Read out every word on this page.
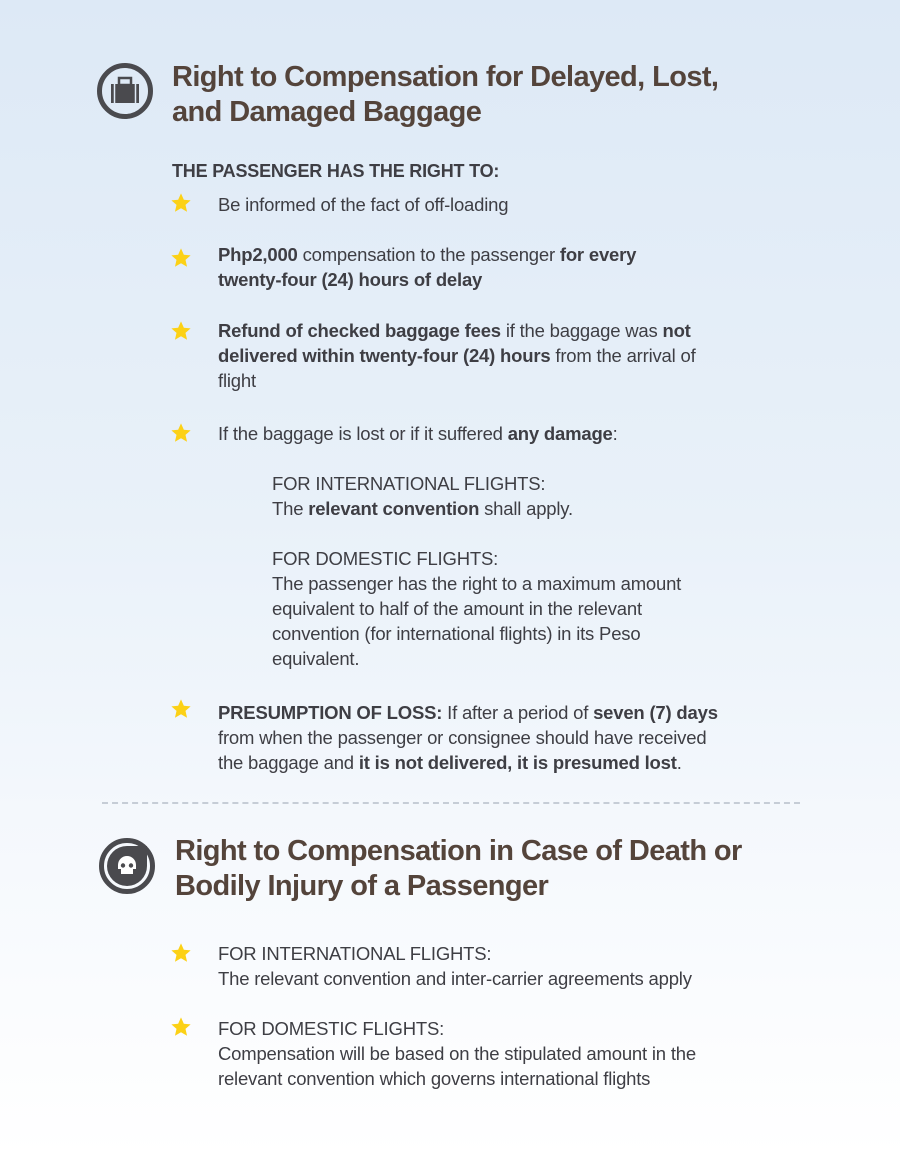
Right to Compensation for Delayed, Lost,
and Damaged Baggage
THE PASSENGER HAS THE RIGHT TO:
Be informed of the fact of off-loading
Php2,000 compensation to the passenger for every
twenty-four (24) hours of delay
Refund of checked baggage fees if the baggage was not
delivered within twenty-four (24) hours from the arrival of
flight
If the baggage is lost or if it suffered any damage:
FOR INTERNATIONAL FLIGHTS:
The relevant convention shall apply.
FOR DOMESTIC FLIGHTS:
The passenger has the right to a maximum amount
equivalent to half of the amount in the relevant
convention (for international flights) in its Peso
equivalent.
PRESUMPTION OF LOSS: If after a period of seven (7) days
from when the passenger or consignee should have received
the baggage and it is not delivered, it is presumed lost.
Right to Compensation in Case of Death or
Bodily Injury of a Passenger
FOR INTERNATIONAL FLIGHTS:
The relevant convention and inter-carrier agreements apply
FOR DOMESTIC FLIGHTS:
Compensation will be based on the stipulated amount in the
relevant convention which governs international flights
